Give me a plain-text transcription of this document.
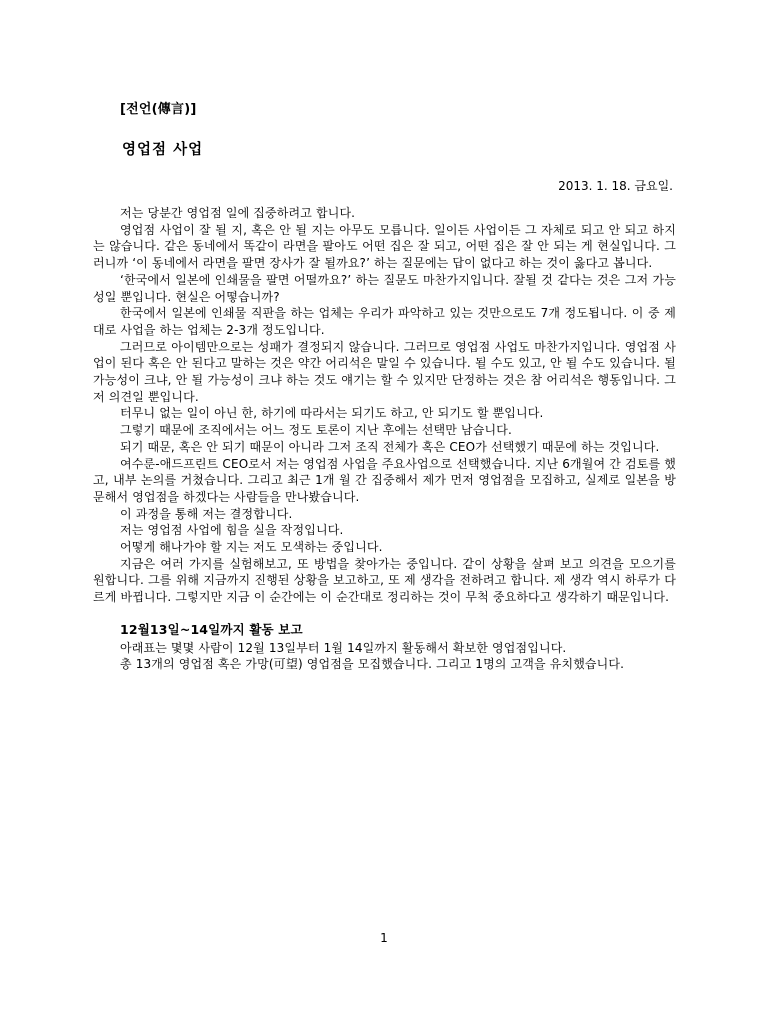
[전언(傳言)]
영업점 사업
2013. 1. 18. 금요일.

저는 당분간 영업점 일에 집중하려고 합니다.

영업점 사업이 잘 될 지, 혹은 안 될 지는 아무도 모릅니다. 일이든 사업이든 그 자체로 되고 안 되고 하지는 않습니다. 같은 동네에서 똑같이 라면을 팔아도 어떤 집은 잘 되고, 어떤 집은 잘 안 되는 게 현실입니다. 그러니까 ‘이 동네에서 라면을 팔면 장사가 잘 될까요?’ 하는 질문에는 답이 없다고 하는 것이 옳다고 봅니다.

‘한국에서 일본에 인쇄물을 팔면 어떨까요?’ 하는 질문도 마찬가지입니다. 잘될 것 같다는 것은 그저 가능성일 뿐입니다. 현실은 어떻습니까?

한국에서 일본에 인쇄물 직판을 하는 업체는 우리가 파악하고 있는 것만으로도 7개 정도됩니다. 이 중 제대로 사업을 하는 업체는 2-3개 정도입니다.

그러므로 아이템만으로는 성패가 결정되지 않습니다. 그러므로 영업점 사업도 마찬가지입니다. 영업점 사업이 된다 혹은 안 된다고 말하는 것은 약간 어리석은 말일 수 있습니다. 될 수도 있고, 안 될 수도 있습니다. 될 가능성이 크냐, 안 될 가능성이 크냐 하는 것도 얘기는 할 수 있지만 단정하는 것은 참 어리석은 행동입니다. 그저 의견일 뿐입니다.

터무니 없는 일이 아닌 한, 하기에 따라서는 되기도 하고, 안 되기도 할 뿐입니다.

그렇기 때문에 조직에서는 어느 정도 토론이 지난 후에는 선택만 남습니다.

되기 때문, 혹은 안 되기 때문이 아니라 그저 조직 전체가 혹은 CEO가 선택했기 때문에 하는 것입니다.

여수룬-애드프린트 CEO로서 저는 영업점 사업을 주요사업으로 선택했습니다. 지난 6개월여 간 검토를 했고, 내부 논의를 거쳤습니다. 그리고 최근 1개 월 간 집중해서 제가 먼저 영업점을 모집하고, 실제로 일본을 방문해서 영업점을 하겠다는 사람들을 만나봤습니다.

이 과정을 통해 저는 결정합니다.

저는 영업점 사업에 힘을 실을 작정입니다.

어떻게 해나가야 할 지는 저도 모색하는 중입니다.

지금은 여러 가지를 실험해보고, 또 방법을 찾아가는 중입니다. 같이 상황을 살펴 보고 의견을 모으기를 원합니다. 그를 위해 지금까지 진행된 상황을 보고하고, 또 제 생각을 전하려고 합니다. 제 생각 역시 하루가 다르게 바뀝니다. 그렇지만 지금 이 순간에는 이 순간대로 정리하는 것이 무척 중요하다고 생각하기 때문입니다.

12월13일~14일까지 활동 보고

아래표는 몇몇 사람이 12월 13일부터 1월 14일까지 활동해서 확보한 영업점입니다.

총 13개의 영업점 혹은 가망(可望) 영업점을 모집했습니다. 그리고 1명의 고객을 유치했습니다.

1
